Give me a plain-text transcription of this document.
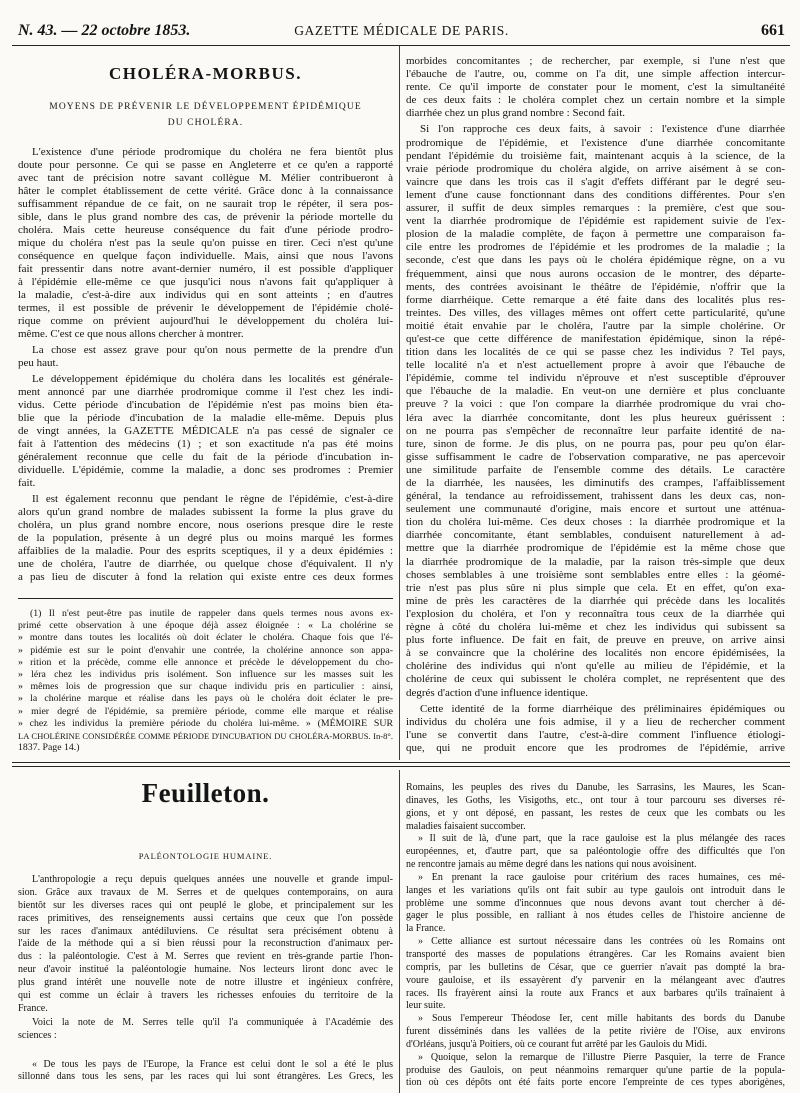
N. 43. — 22 octobre 1853.	GAZETTE MÉDICALE DE PARIS.	661
CHOLÉRA-MORBUS.
MOYENS DE PRÉVENIR LE DÉVELOPPEMENT ÉPIDÉMIQUE
DU CHOLÉRA.
L'existence d'une période prodromique du choléra ne fera bientôt plus
doute pour personne. Ce qui se passe en Angleterre et ce qu'en a rapporté
avec tant de précision notre savant collègue M. Mélier contribueront à
hâter le complet établissement de cette vérité. Grâce donc à la connaissance
suffisamment répandue de ce fait, on ne saurait trop le répéter, il sera pos-
sible, dans le plus grand nombre des cas, de prévenir la période mortelle du
choléra. Mais cette heureuse conséquence du fait d'une période prodro-
mique du choléra n'est pas la seule qu'on puisse en tirer. Ceci n'est qu'une
conséquence en quelque façon individuelle. Mais, ainsi que nous l'avons
fait pressentir dans notre avant-dernier numéro, il est possible d'appliquer
à l'épidémie elle-même ce que jusqu'ici nous n'avons fait qu'appliquer à
la maladie, c'est-à-dire aux individus qui en sont atteints ; en d'autres
termes, il est possible de prévenir le développement de l'épidémie cholé-
rique comme on prévient aujourd'hui le développement du choléra lui-
même. C'est ce que nous allons chercher à montrer.
La chose est assez grave pour qu'on nous permette de la prendre d'un
peu haut.
Le développement épidémique du choléra dans les localités est générale-
ment annoncé par une diarrhée prodromique comme il l'est chez les indi-
vidus. Cette période d'incubation de l'épidémie n'est pas moins bien éta-
blie que la période d'incubation de la maladie elle-même. Depuis plus
de vingt années, la GAZETTE MÉDICALE n'a pas cessé de signaler ce
fait à l'attention des médecins (1) ; et son exactitude n'a pas été moins
généralement reconnue que celle du fait de la période d'incubation in-
dividuelle. L'épidémie, comme la maladie, a donc ses prodromes : Premier
fait.
Il est également reconnu que pendant le règne de l'épidémie, c'est-à-dire
alors qu'un grand nombre de malades subissent la forme la plus grave du
choléra, un plus grand nombre encore, nous oserions presque dire le reste
de la population, présente à un degré plus ou moins marqué les formes
affaiblies de la maladie. Pour des esprits sceptiques, il y a deux épidémies :
une de choléra, l'autre de diarrhée, ou quelque chose d'équivalent. Il n'y
a pas lieu de discuter à fond la relation qui existe entre ces deux formes
(1) Il n'est peut-être pas inutile de rappeler dans quels termes nous avons ex-
primé cette observation à une époque déjà assez éloignée : « La cholérine se
» montre dans toutes les localités où doit éclater le choléra. Chaque fois que l'é-
» pidémie est sur le point d'envahir une contrée, la cholérine annonce son appa-
» rition et la précède, comme elle annonce et précède le développement du cho-
» léra chez les individus pris isolément. Son influence sur les masses suit les
» mêmes lois de progression que sur chaque individu pris en particulier : ainsi,
» la cholérine marque et réalise dans les pays où le choléra doit éclater le pre-
» mier degré de l'épidémie, sa première période, comme elle marque et réalise
» chez les individus la première période du choléra lui-même. » (MÉMOIRE SUR
LA CHOLÉRINE CONSIDÉRÉE COMME PÉRIODE D'INCUBATION DU CHOLÉRA-MORBUS. In-8°.
1837. Page 14.)
morbides concomitantes ; de rechercher, par exemple, si l'une n'est que
l'ébauche de l'autre, ou, comme on l'a dit, une simple affection intercur-
rente. Ce qu'il importe de constater pour le moment, c'est la simultanéité
de ces deux faits : le choléra complet chez un certain nombre et la simple
diarrhée chez un plus grand nombre : Second fait.
Si l'on rapproche ces deux faits, à savoir : l'existence d'une diarrhée
prodromique de l'épidémie, et l'existence d'une diarrhée concomitante
pendant l'épidémie du troisième fait, maintenant acquis à la science, de la
vraie période prodromique du choléra algide, on arrive aisément à se con-
vaincre que dans les trois cas il s'agit d'effets différant par le degré seu-
lement d'une cause fonctionnant dans des conditions différentes. Pour s'en
assurer, il suffit de deux simples remarques : la première, c'est que sou-
vent la diarrhée prodromique de l'épidémie est rapidement suivie de l'ex-
plosion de la maladie complète, de façon à permettre une comparaison fa-
cile entre les prodromes de l'épidémie et les prodromes de la maladie ; la
seconde, c'est que dans les pays où le choléra épidémique règne, on a vu
fréquemment, ainsi que nous aurons occasion de le montrer, des départe-
ments, des contrées avoisinant le théâtre de l'épidémie, n'offrir que la
forme diarrhéique. Cette remarque a été faite dans des localités plus res-
treintes. Des villes, des villages mêmes ont offert cette particularité, qu'une
moitié était envahie par le choléra, l'autre par la simple cholérine. Or
qu'est-ce que cette différence de manifestation épidémique, sinon la répé-
tition dans les localités de ce qui se passe chez les individus ? Tel pays,
telle localité n'a et n'est actuellement propre à avoir que l'ébauche de
l'épidémie, comme tel individu n'éprouve et n'est susceptible d'éprouver
que l'ébauche de la maladie. En veut-on une dernière et plus concluante
preuve ? la voici : que l'on compare la diarrhée prodromique du vrai cho-
léra avec la diarrhée concomitante, dont les plus heureux guérissent :
on ne pourra pas s'empêcher de reconnaître leur parfaite identité de na-
ture, sinon de forme. Je dis plus, on ne pourra pas, pour peu qu'on élar-
gisse suffisamment le cadre de l'observation comparative, ne pas apercevoir
une similitude parfaite de l'ensemble comme des détails. Le caractère
de la diarrhée, les nausées, les diminutifs des crampes, l'affaiblissement
général, la tendance au refroidissement, trahissent dans les deux cas, non-
seulement une communauté d'origine, mais encore et surtout une atténua-
tion du choléra lui-même. Ces deux choses : la diarrhée prodromique et la
diarrhée concomitante, étant semblables, conduisent naturellement à ad-
mettre que la diarrhée prodromique de l'épidémie est la même chose que
la diarrhée prodromique de la maladie, par la raison très-simple que deux
choses semblables à une troisième sont semblables entre elles : la géomé-
trie n'est pas plus sûre ni plus simple que cela. Et en effet, qu'on exa-
mine de près les caractères de la diarrhée qui précède dans les localités
l'explosion du choléra, et l'on y reconnaîtra tous ceux de la diarrhée qui
règne à côté du choléra lui-même et chez les individus qui subissent sa
plus forte influence. De fait en fait, de preuve en preuve, on arrive ainsi
à se convaincre que la cholérine des localités non encore épidémisées, la
cholérine des individus qui n'ont qu'elle au milieu de l'épidémie, et la
cholérine de ceux qui subissent le choléra complet, ne représentent que des
degrés d'action d'une influence identique.
Cette identité de la forme diarrhéique des préliminaires épidémiques ou
individus du choléra une fois admise, il y a lieu de rechercher comment
l'une se convertit dans l'autre, c'est-à-dire comment l'influence étiologi-
que, qui ne produit encore que les prodromes de l'épidémie, arrive
Feuilleton.
PALÉONTOLOGIE HUMAINE.
L'anthropologie a reçu depuis quelques années une nouvelle et grande impul-
sion. Grâce aux travaux de M. Serres et de quelques contemporains, on aura
bientôt sur les diverses races qui ont peuplé le globe, et principalement sur les
races primitives, des renseignements aussi certains que ceux que l'on possède
sur les races d'animaux antédiluviens. Ce résultat sera précisément obtenu à
l'aide de la méthode qui a si bien réussi pour la reconstruction d'animaux per-
dus : la paléontologie. C'est à M. Serres que revient en très-grande partie l'hon-
neur d'avoir institué la paléontologie humaine. Nos lecteurs liront donc avec le
plus grand intérêt une nouvelle note de notre illustre et ingénieux confrère,
qui est comme un éclair à travers les richesses enfouies du territoire de la
France.
Voici la note de M. Serres telle qu'il l'a communiquée à l'Académie des
sciences :
« De tous les pays de l'Europe, la France est celui dont le sol a été le plus
sillonné dans tous les sens, par les races qui lui sont étrangères. Les Grecs, les
Romains, les peuples des rives du Danube, les Sarrasins, les Maures, les Scan-
dinaves, les Goths, les Visigoths, etc., ont tour à tour parcouru ses diverses ré-
gions, et y ont déposé, en passant, les restes de ceux que les combats ou les
maladies faisaient succomber.
» Il suit de là, d'une part, que la race gauloise est la plus mélangée des races
européennes, et, d'autre part, que sa paléontologie offre des difficultés que l'on
ne rencontre jamais au même degré dans les nations qui nous avoisinent.
» En prenant la race gauloise pour critérium des races humaines, ces mé-
langes et les variations qu'ils ont fait subir au type gaulois ont introduit dans le
problème une somme d'inconnues que nous devons avant tout chercher à dé-
gager le plus possible, en ralliant à nos études celles de l'histoire ancienne de
la France.
» Cette alliance est surtout nécessaire dans les contrées où les Romains ont
transporté des masses de populations étrangères. Car les Romains avaient bien
compris, par les bulletins de César, que ce guerrier n'avait pas dompté la bra-
voure gauloise, et ils essayèrent d'y parvenir en la mélangeant avec d'autres
races. Ils frayèrent ainsi la route aux Francs et aux barbares qu'ils traînaient à
leur suite.
» Sous l'empereur Théodose Ier, cent mille habitants des bords du Danube
furent disséminés dans les vallées de la petite rivière de l'Oise, aux environs
d'Orléans, jusqu'à Poitiers, où ce courant fut arrêté par les Gaulois du Midi.
» Quoique, selon la remarque de l'illustre Pierre Pasquier, la terre de France
produise des Gaulois, on peut néanmoins remarquer qu'une partie de la popula-
tion où ces dépôts ont été faits porte encore l'empreinte de ces types aborigènes,
